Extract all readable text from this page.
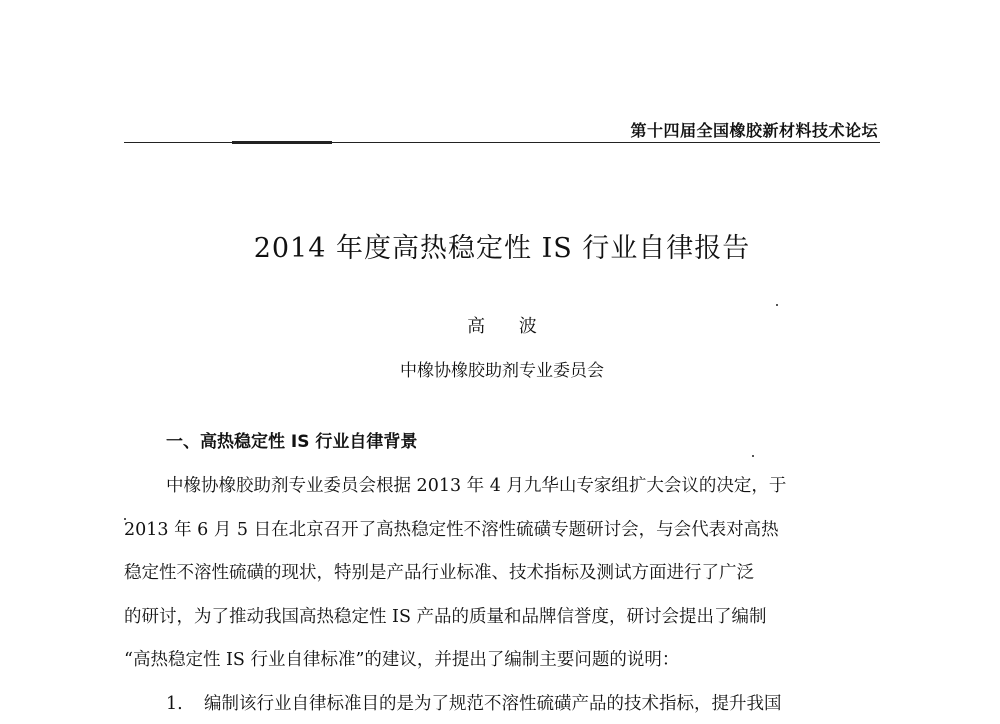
第十四届全国橡胶新材料技术论坛
2014 年度高热稳定性 IS 行业自律报告
高 波
中橡协橡胶助剂专业委员会
一、高热稳定性 IS 行业自律背景
中橡协橡胶助剂专业委员会根据 2013 年 4 月九华山专家组扩大会议的决定，于
2013 年 6 月 5 日在北京召开了高热稳定性不溶性硫磺专题研讨会，与会代表对高热
稳定性不溶性硫磺的现状，特别是产品行业标准、技术指标及测试方面进行了广泛
的研讨，为了推动我国高热稳定性 IS 产品的质量和品牌信誉度，研讨会提出了编制
“高热稳定性 IS 行业自律标准”的建议，并提出了编制主要问题的说明：
1. 编制该行业自律标准目的是为了规范不溶性硫磺产品的技术指标，提升我国
